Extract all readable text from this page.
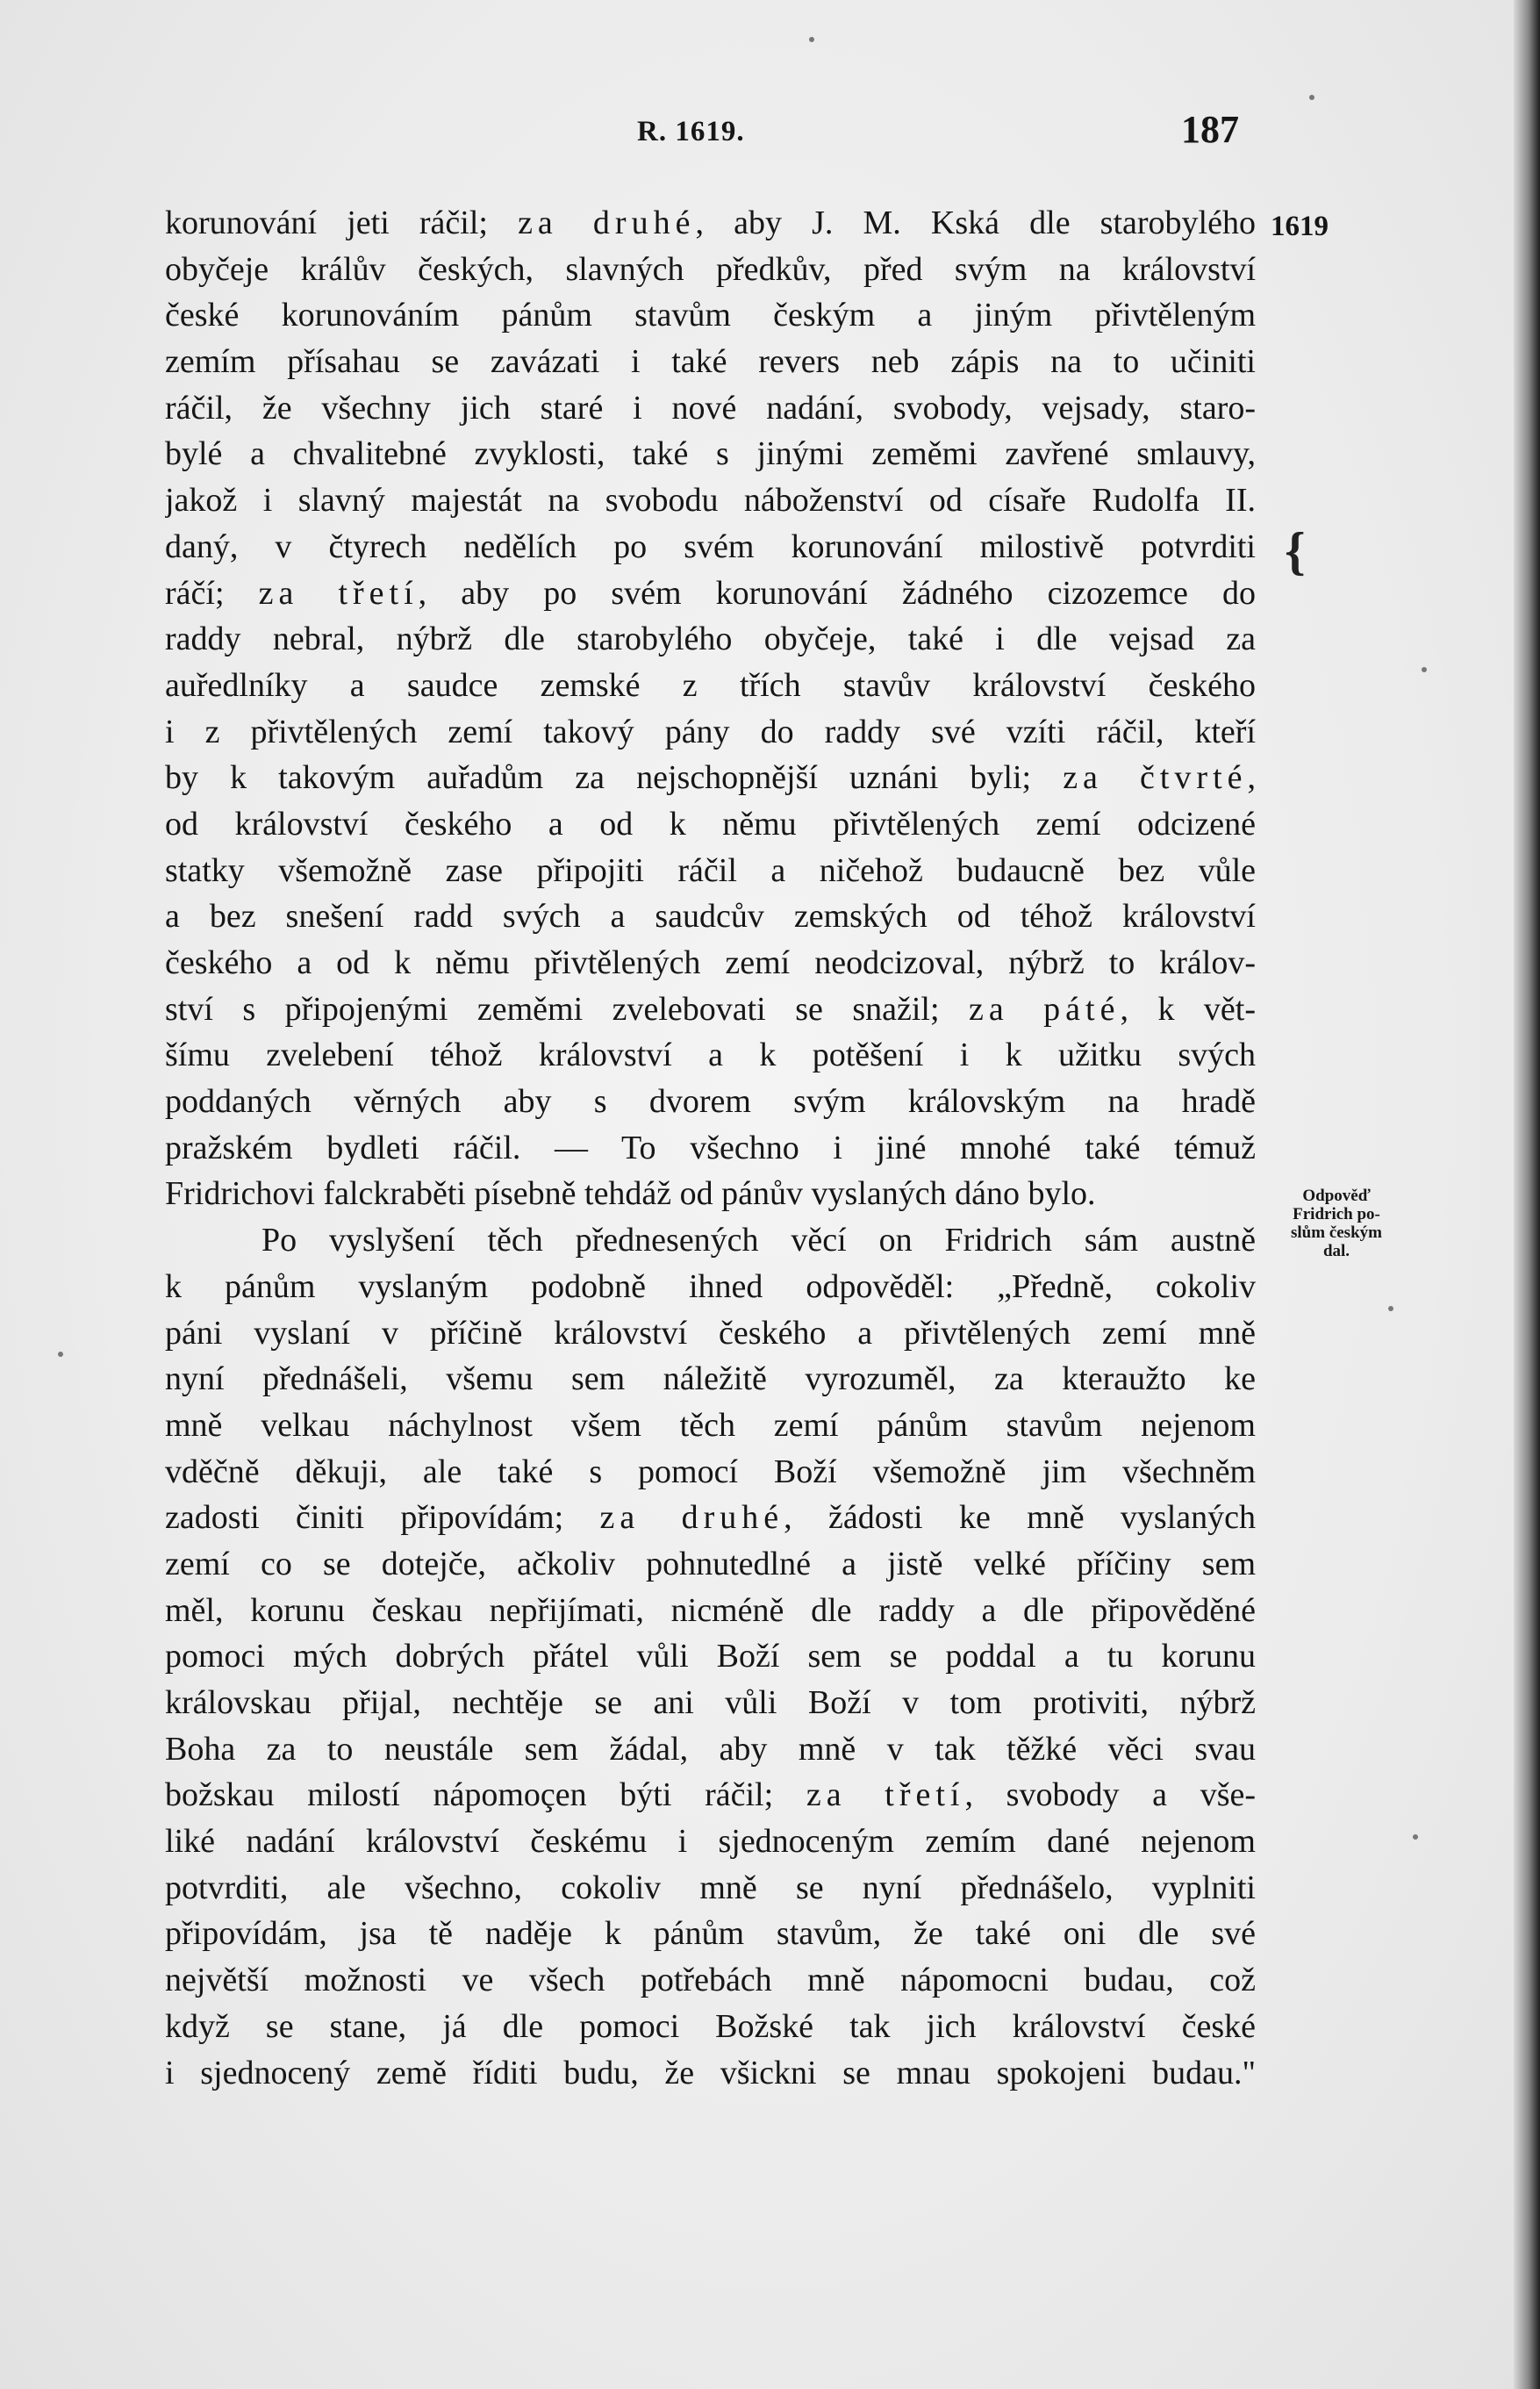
R. 1619.	187
1619
{
Odpověď
Fridrich po-
slům českým
dal.
korunování jeti ráčil; za druhé, aby J. M. Kská dle starobylého
obyčeje králův českých, slavných předkův, před svým na království
české korunováním pánům stavům českým a jiným přivtěleným
zemím přísahau se zavázati i také revers neb zápis na to učiniti
ráčil, že všechny jich staré i nové nadání, svobody, vejsady, staro-
bylé a chvalitebné zvyklosti, také s jinými zeměmi zavřené smlauvy,
jakož i slavný majestát na svobodu náboženství od císaře Rudolfa II.
daný, v čtyrech nedělích po svém korunování milostivě potvrditi
ráčí; za třetí, aby po svém korunování žádného cizozemce do
raddy nebral, nýbrž dle starobylého obyčeje, také i dle vejsad za
auředlníky a saudce zemské z třích stavův království českého
i z přivtělených zemí takový pány do raddy své vzíti ráčil, kteří
by k takovým auřadům za nejschopnější uznáni byli; za čtvrté,
od království českého a od k němu přivtělených zemí odcizené
statky všemožně zase připojiti ráčil a ničehož budaucně bez vůle
a bez snešení radd svých a saudcův zemských od téhož království
českého a od k němu přivtělených zemí neodcizoval, nýbrž to králov-
ství s připojenými zeměmi zvelebovati se snažil; za páté, k vět-
šímu zvelebení téhož království a k potěšení i k užitku svých
poddaných věrných aby s dvorem svým královským na hradě
pražském bydleti ráčil. — To všechno i jiné mnohé také témuž
Fridrichovi falckraběti písebně tehdáž od pánův vyslaných dáno bylo.
Po vyslyšení těch přednesených věcí on Fridrich sám austně
k pánům vyslaným podobně ihned odpověděl: „Předně, cokoliv
páni vyslaní v příčině království českého a přivtělených zemí mně
nyní přednášeli, všemu sem náležitě vyrozuměl, za kteraužto ke
mně velkau náchylnost všem těch zemí pánům stavům nejenom
vděčně děkuji, ale také s pomocí Boží všemožně jim všechněm
zadosti činiti připovídám; za druhé, žádosti ke mně vyslaných
zemí co se dotejče, ačkoliv pohnutedlné a jistě velké příčiny sem
měl, korunu českau nepřijímati, nicméně dle raddy a dle připověděné
pomoci mých dobrých přátel vůli Boží sem se poddal a tu korunu
královskau přijal, nechtěje se ani vůli Boží v tom protiviti, nýbrž
Boha za to neustále sem žádal, aby mně v tak těžké věci svau
božskau milostí nápomoçen býti ráčil; za třetí, svobody a vše-
liké nadání království českému i sjednoceným zemím dané nejenom
potvrditi, ale všechno, cokoliv mně se nyní přednášelo, vyplniti
připovídám, jsa tě naděje k pánům stavům, že také oni dle své
největší možnosti ve všech potřebách mně nápomocni budau, což
když se stane, já dle pomoci Božské tak jich království české
i sjednocený země říditi budu, že všickni se mnau spokojeni budau."
